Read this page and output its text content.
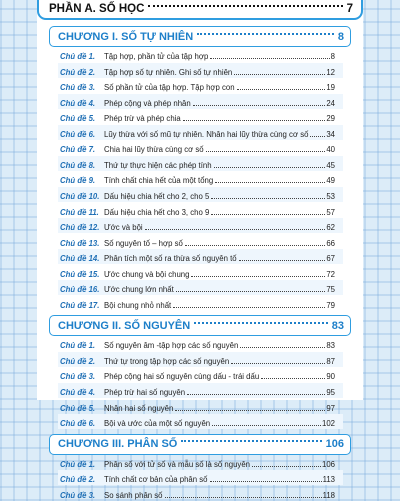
PHẦN A. SỐ HỌC	7
CHƯƠNG I. SỐ TỰ NHIÊN	8
Chủ đề 1.	Tập hợp, phần tử của tập hợp	8
Chủ đề 2.	Tập hợp số tự nhiên. Ghi số tự nhiên	12
Chủ đề 3.	Số phần tử của tập hợp. Tập hợp con	19
Chủ đề 4.	Phép cộng và phép nhân	24
Chủ đề 5.	Phép trừ và phép chia	29
Chủ đề 6.	Lũy thừa với số mũ tự nhiên. Nhân hai lũy thừa cùng cơ số 34
Chủ đề 7.	Chia hai lũy thừa cùng cơ số	40
Chủ đề 8.	Thứ tự thực hiện các phép tính	45
Chủ đề 9.	Tính chất chia hết của một tổng	49
Chủ đề 10. Dấu hiệu chia hết cho 2, cho 5	53
Chủ đề 11. Dấu hiệu chia hết cho 3, cho 9	57
Chủ đề 12. Ước và bội	62
Chủ đề 13. Số nguyên tố – hợp số	66
Chủ đề 14. Phân tích một số ra thừa số nguyên tố	67
Chủ đề 15. Ước chung và bội chung	72
Chủ đề 16. Ước chung lớn nhất	75
Chủ đề 17. Bội chung nhỏ nhất	79
CHƯƠNG II. SỐ NGUYÊN	83
Chủ đề 1.	Số nguyên âm -tập hợp các số nguyên	83
Chủ đề 2.	Thứ tự trong tập hợp các số nguyên	87
Chủ đề 3.	Phép cộng hai số nguyên cùng dấu - trái dấu	90
Chủ đề 4.	Phép trừ hai số nguyên	95
Chủ đề 5.	Nhân hai số nguyên	97
Chủ đề 6.	Bội và ước của một số nguyên	102
CHƯƠNG III. PHÂN SỐ	106
Chủ đề 1.	Phân số với tử số và mẫu số là số nguyên	106
Chủ đề 2.	Tính chất cơ bản của phân số	113
Chủ đề 3.	So sánh phân số	118
